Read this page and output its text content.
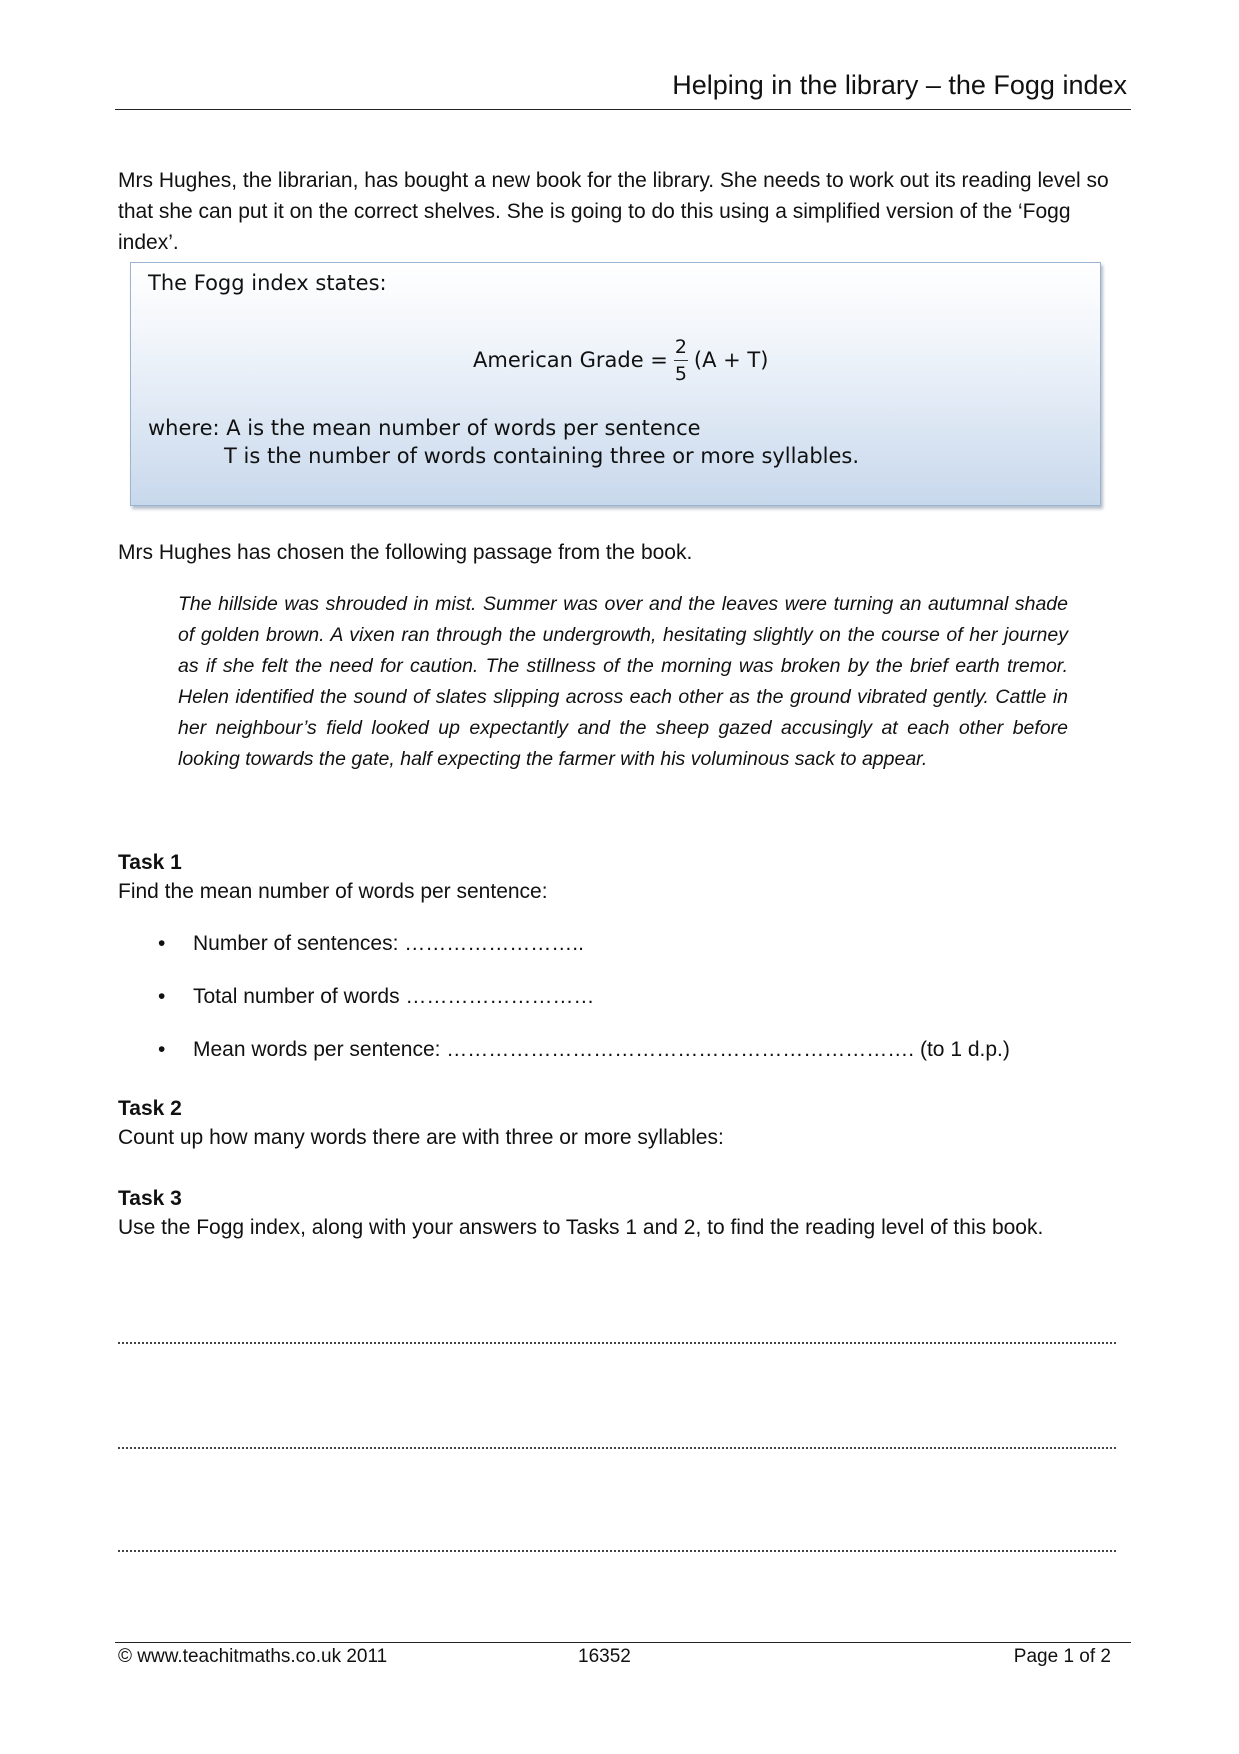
Helping in the library – the Fogg index
Mrs Hughes, the librarian, has bought a new book for the library. She needs to work out its reading level so that she can put it on the correct shelves. She is going to do this using a simplified version of the ‘Fogg index’.
The Fogg index states:
American Grade = $\frac{2}{5} (A + T)$
where: A is the mean number of words per sentence
T is the number of words containing three or more syllables.
Mrs Hughes has chosen the following passage from the book.
The hillside was shrouded in mist. Summer was over and the leaves were turning an autumnal shade of golden brown. A vixen ran through the undergrowth, hesitating slightly on the course of her journey as if she felt the need for caution. The stillness of the morning was broken by the brief earth tremor. Helen identified the sound of slates slipping across each other as the ground vibrated gently. Cattle in her neighbour’s field looked up expectantly and the sheep gazed accusingly at each other before looking towards the gate, half expecting the farmer with his voluminous sack to appear.
Task 1
Find the mean number of words per sentence:
• Number of sentences: ……………………..
• Total number of words ………………………
• Mean words per sentence: …………………………………………………………. (to 1 d.p.)
Task 2
Count up how many words there are with three or more syllables:
Task 3
Use the Fogg index, along with your answers to Tasks 1 and 2, to find the reading level of this book.
© www.teachitmaths.co.uk 2011	16352	Page 1 of 2
